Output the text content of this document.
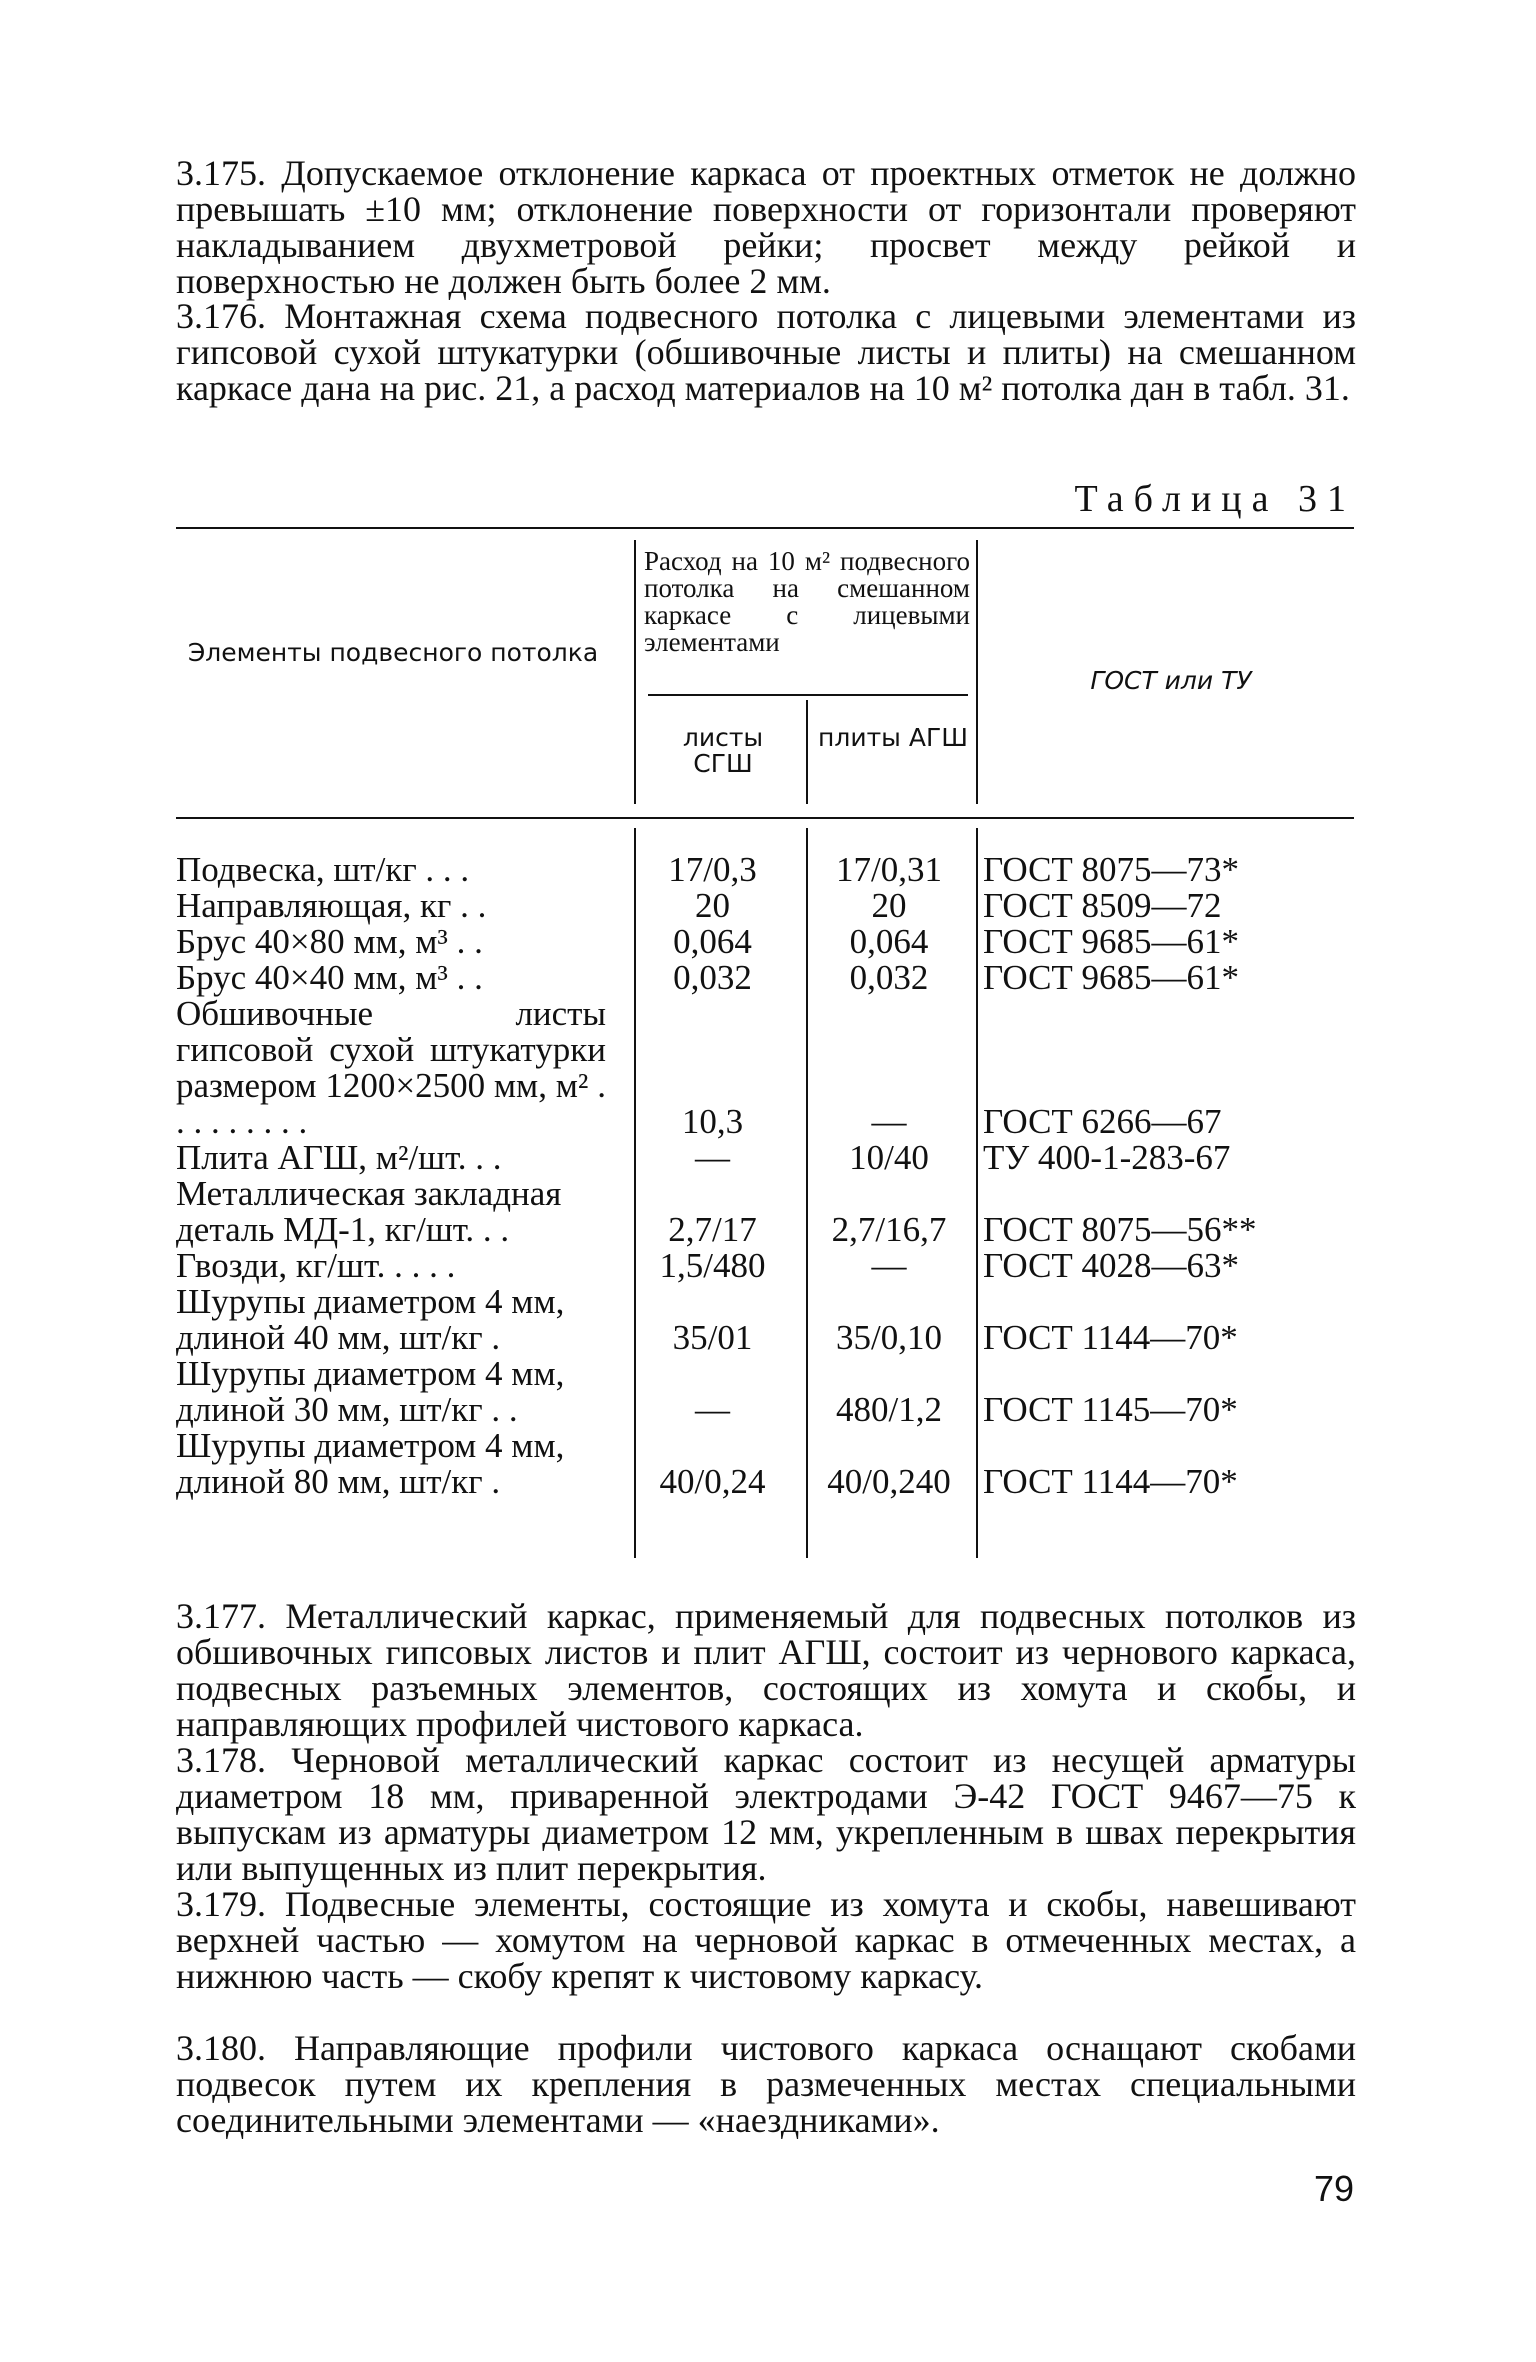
3.175. Допускаемое отклонение каркаса от проектных отметок не должно превышать ±10 мм; отклонение поверхности от горизонтали проверяют накладыванием двухметровой рейки; просвет между рейкой и поверхностью не должен быть более 2 мм.

3.176. Монтажная схема подвесного потолка с лицевыми элементами из гипсовой сухой штукатурки (обшивочные листы и плиты) на смешанном каркасе дана на рис. 21, а расход материалов на 10 м² потолка дан в табл. 31.

Таблица 31
Элементы подвесного потолка
Расход на 10 м² подвесного потолка на смешанном каркасе с лицевыми элементами
листы СГШ
плиты АГШ
ГОСТ или ТУ
Подвеска, шт/кг . . .	17/0,3	17/0,31	ГОСТ 8075—73*
Направляющая, кг . .	20	20	ГОСТ 8509—72
Брус 40×80 мм, м³ . .	0,064	0,064	ГОСТ 9685—61*
Брус 40×40 мм, м³ . .	0,032	0,032	ГОСТ 9685—61*
Обшивочные листы гипсовой сухой штукатурки размером 1200×2500 мм, м² . . . . . . . . .	10,3	—	ГОСТ 6266—67
Плита АГШ, м²/шт. . .	—	10/40	ТУ 400-1-283-67
Металлическая закладная деталь МД-1, кг/шт. . .	2,7/17	2,7/16,7	ГОСТ 8075—56**
Гвозди, кг/шт. . . . .	1,5/480	—	ГОСТ 4028—63*
Шурупы диаметром 4 мм, длиной 40 мм, шт/кг .	35/01	35/0,10	ГОСТ 1144—70*
Шурупы диаметром 4 мм, длиной 30 мм, шт/кг . .	—	480/1,2	ГОСТ 1145—70*
Шурупы диаметром 4 мм, длиной 80 мм, шт/кг .	40/0,24	40/0,240 ГОСТ 1144—70*

3.177. Металлический каркас, применяемый для подвесных потолков из обшивочных гипсовых листов и плит АГШ, состоит из чернового каркаса, подвесных разъемных элементов, состоящих из хомута и скобы, и направляющих профилей чистового каркаса.

3.178. Черновой металлический каркас состоит из несущей арматуры диаметром 18 мм, приваренной электродами Э-42 ГОСТ 9467—75 к выпускам из арматуры диаметром 12 мм, укрепленным в швах перекрытия или выпущенных из плит перекрытия.

3.179. Подвесные элементы, состоящие из хомута и скобы, навешивают верхней частью — хомутом на черновой каркас в отмеченных местах, а нижнюю часть — скобу крепят к чистовому каркасу.

3.180. Направляющие профили чистового каркаса оснащают скобами подвесок путем их крепления в размеченных местах специальными соединительными элементами — «наездниками».

79
